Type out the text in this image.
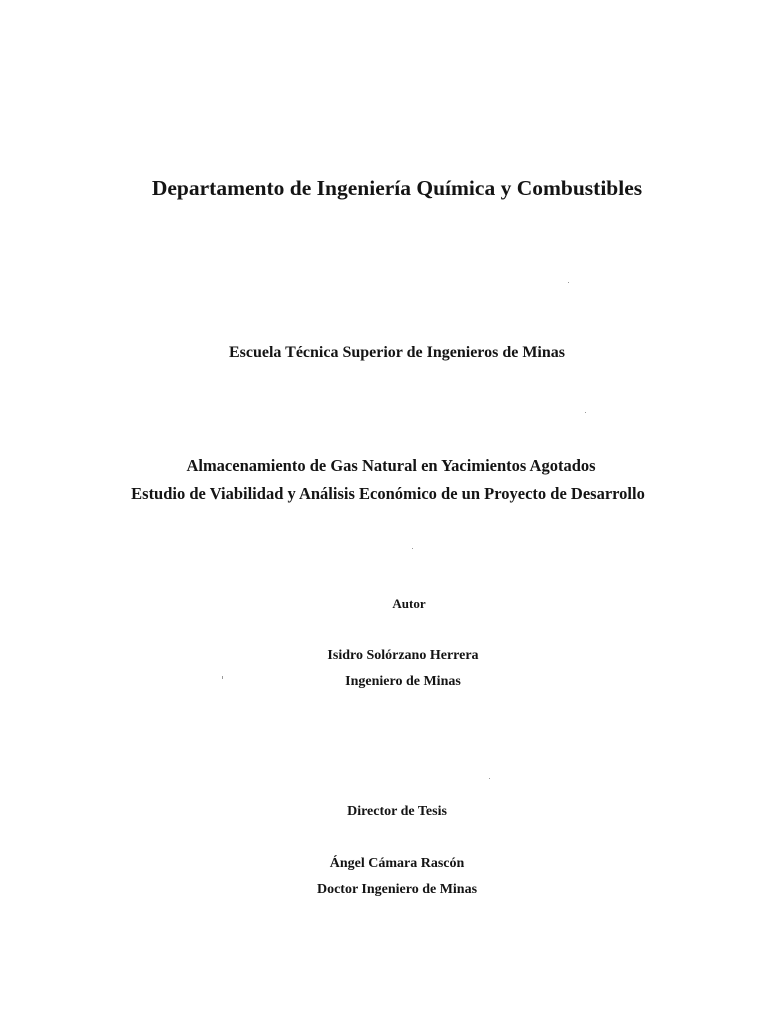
Departamento de Ingeniería Química y Combustibles

Escuela Técnica Superior de Ingenieros de Minas

Almacenamiento de Gas Natural en Yacimientos Agotados

Estudio de Viabilidad y Análisis Económico de un Proyecto de Desarrollo

Autor

Isidro Solórzano Herrera

Ingeniero de Minas

Director de Tesis

Ángel Cámara Rascón

Doctor Ingeniero de Minas
